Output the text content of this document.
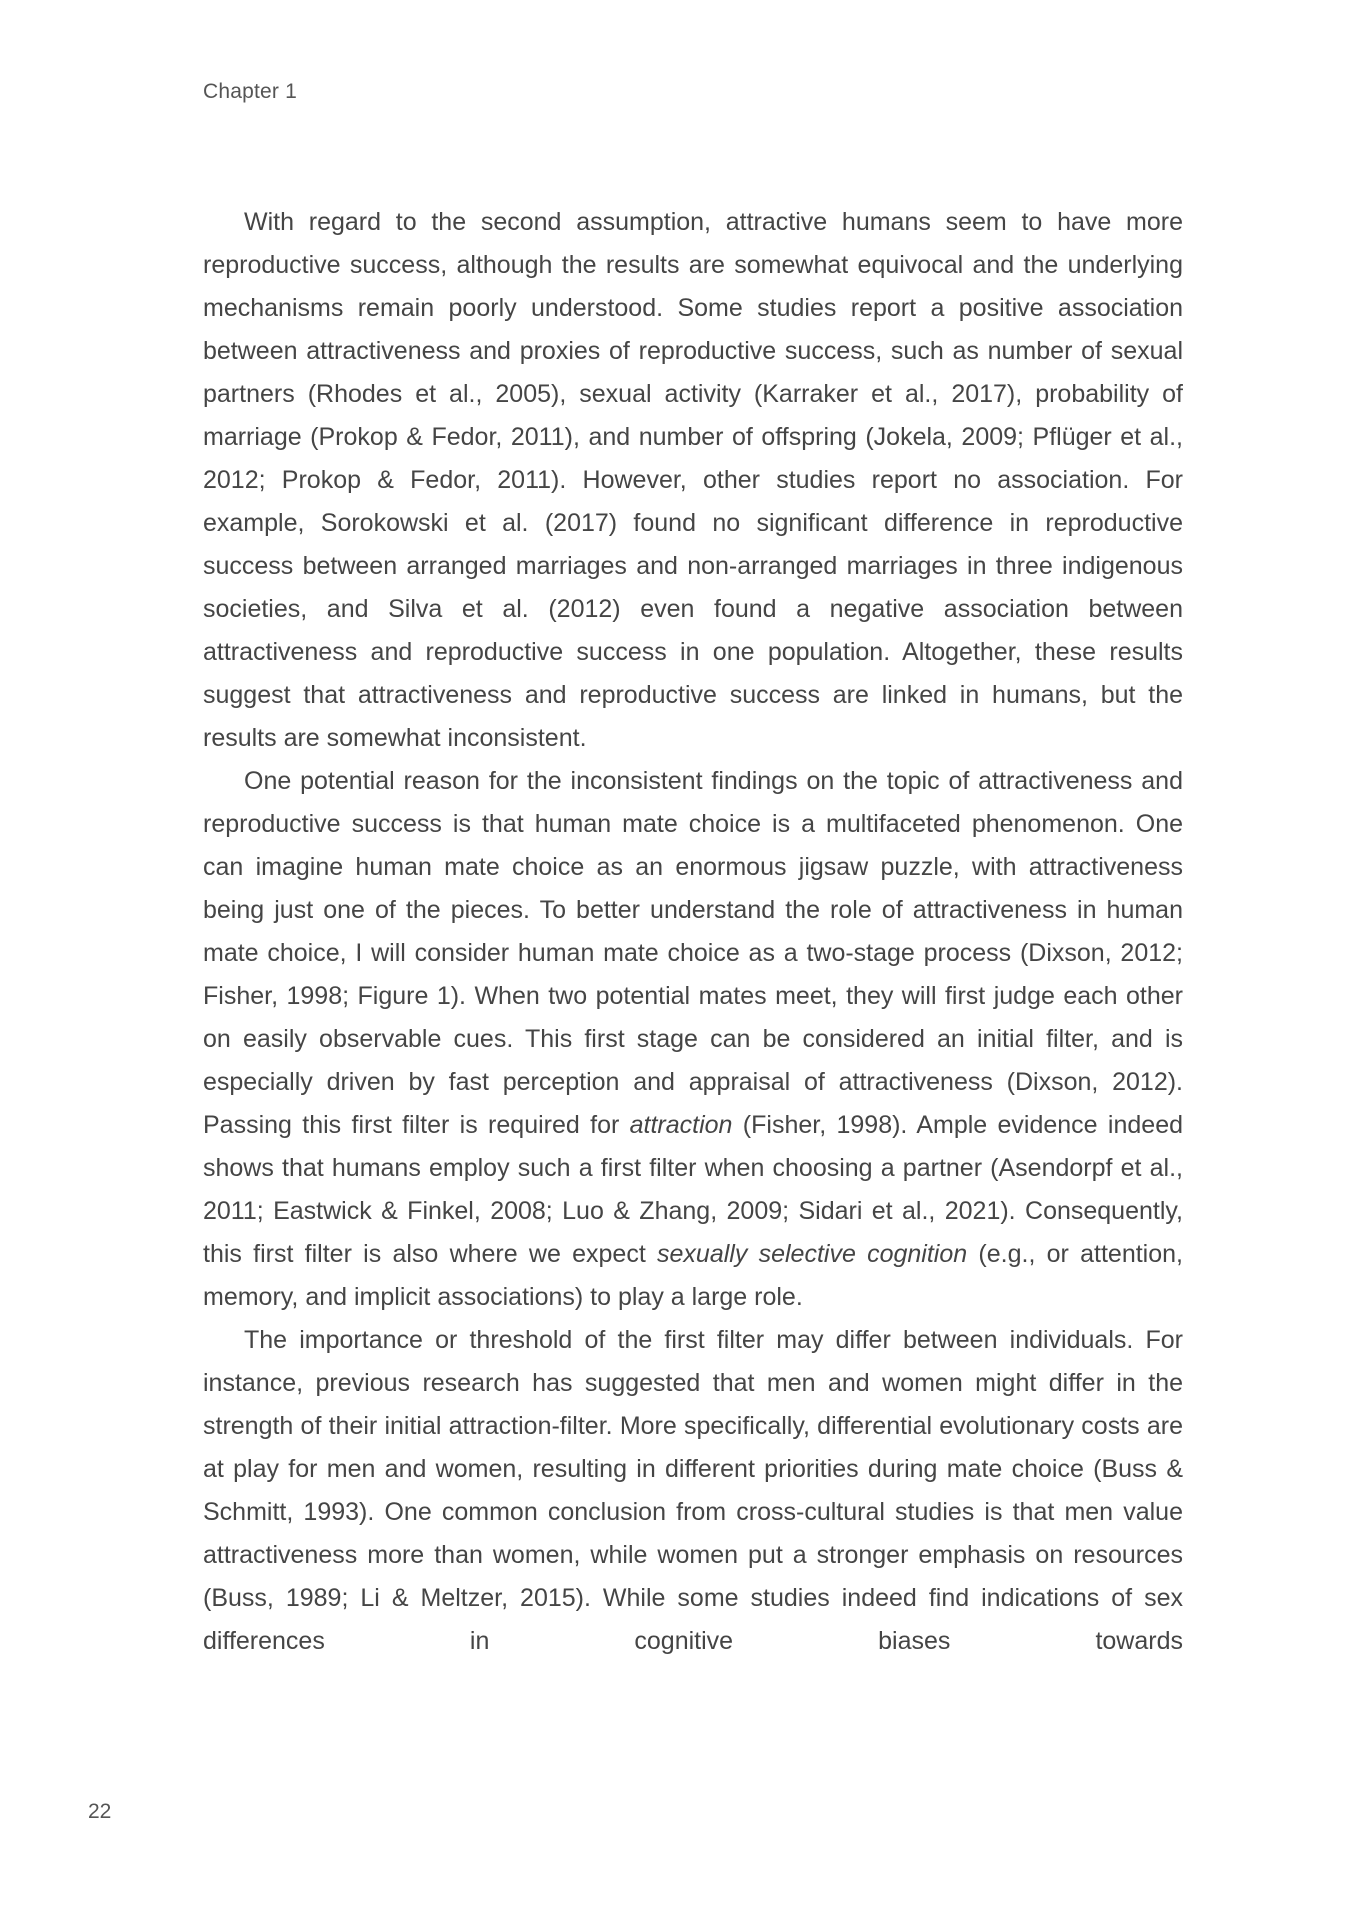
Chapter 1

With regard to the second assumption, attractive humans seem to have more reproductive success, although the results are somewhat equivocal and the underlying mechanisms remain poorly understood. Some studies report a positive association between attractiveness and proxies of reproductive success, such as number of sexual partners (Rhodes et al., 2005), sexual activity (Karraker et al., 2017), probability of marriage (Prokop & Fedor, 2011), and number of offspring (Jokela, 2009; Pflüger et al., 2012; Prokop & Fedor, 2011). However, other studies report no association. For example, Sorokowski et al. (2017) found no significant difference in reproductive success between arranged marriages and non-arranged marriages in three indigenous societies, and Silva et al. (2012) even found a negative association between attractiveness and reproductive success in one population. Altogether, these results suggest that attractiveness and reproductive success are linked in humans, but the results are somewhat inconsistent.

One potential reason for the inconsistent findings on the topic of attractiveness and reproductive success is that human mate choice is a multifaceted phenomenon. One can imagine human mate choice as an enormous jigsaw puzzle, with attractiveness being just one of the pieces. To better understand the role of attractiveness in human mate choice, I will consider human mate choice as a two-stage process (Dixson, 2012; Fisher, 1998; Figure 1). When two potential mates meet, they will first judge each other on easily observable cues. This first stage can be considered an initial filter, and is especially driven by fast perception and appraisal of attractiveness (Dixson, 2012). Passing this first filter is required for attraction (Fisher, 1998). Ample evidence indeed shows that humans employ such a first filter when choosing a partner (Asendorpf et al., 2011; Eastwick & Finkel, 2008; Luo & Zhang, 2009; Sidari et al., 2021). Consequently, this first filter is also where we expect sexually selective cognition (e.g., or attention, memory, and implicit associations) to play a large role.

The importance or threshold of the first filter may differ between individuals. For instance, previous research has suggested that men and women might differ in the strength of their initial attraction-filter. More specifically, differential evolutionary costs are at play for men and women, resulting in different priorities during mate choice (Buss & Schmitt, 1993). One common conclusion from cross-cultural studies is that men value attractiveness more than women, while women put a stronger emphasis on resources (Buss, 1989; Li & Meltzer, 2015). While some studies indeed find indications of sex differences in cognitive biases towards

22
